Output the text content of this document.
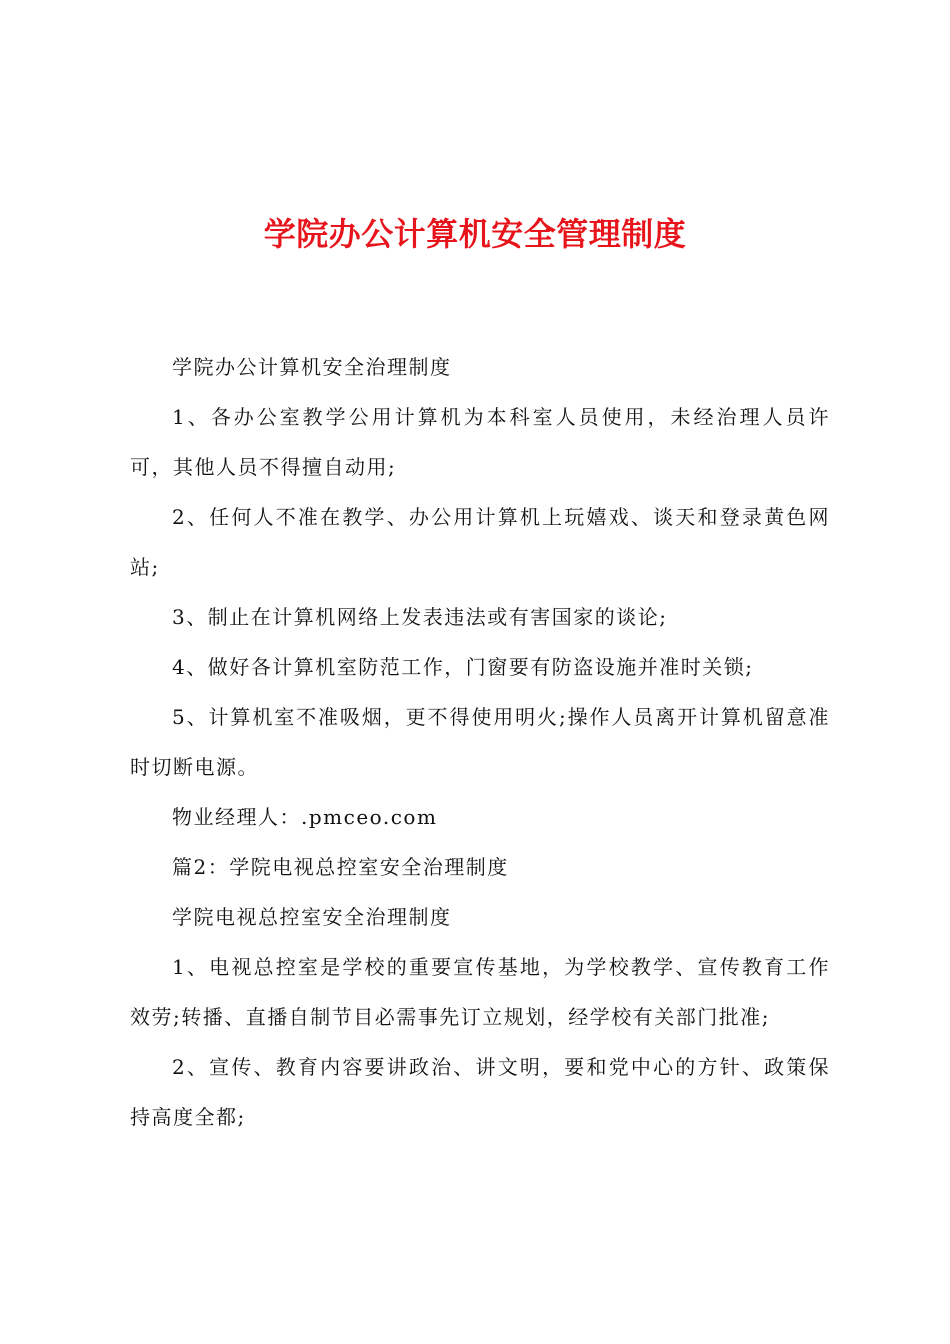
学院办公计算机安全管理制度

学院办公计算机安全治理制度

1、各办公室教学公用计算机为本科室人员使用，未经治理人员许可，其他人员不得擅自动用;

2、任何人不准在教学、办公用计算机上玩嬉戏、谈天和登录黄色网站;

3、制止在计算机网络上发表违法或有害国家的谈论;

4、做好各计算机室防范工作，门窗要有防盗设施并准时关锁;

5、计算机室不准吸烟，更不得使用明火;操作人员离开计算机留意准时切断电源。

物业经理人：.pmceo.com

篇2：学院电视总控室安全治理制度

学院电视总控室安全治理制度

1、电视总控室是学校的重要宣传基地，为学校教学、宣传教育工作效劳;转播、直播自制节目必需事先订立规划，经学校有关部门批准;

2、宣传、教育内容要讲政治、讲文明，要和党中心的方针、政策保持高度全都;
